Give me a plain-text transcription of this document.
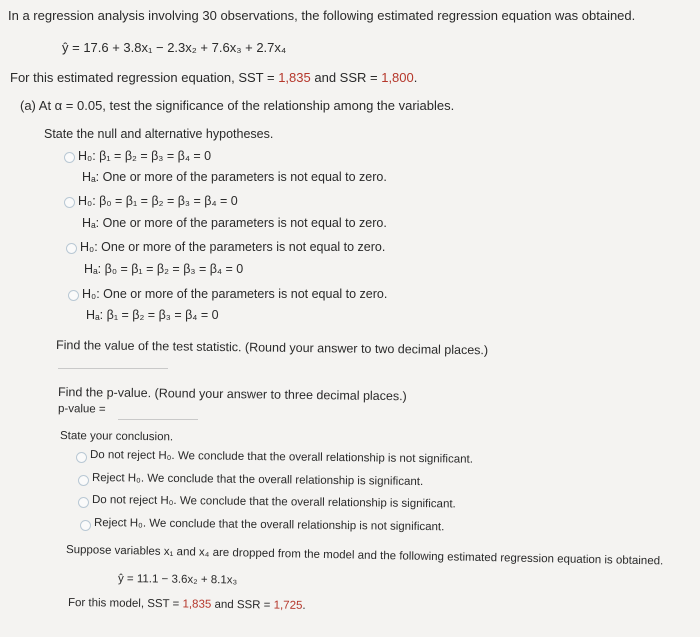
In a regression analysis involving 30 observations, the following estimated regression equation was obtained.
ŷ = 17.6 + 3.8x₁ − 2.3x₂ + 7.6x₃ + 2.7x₄
For this estimated regression equation, SST = 1,835 and SSR = 1,800.
(a) At α = 0.05, test the significance of the relationship among the variables.
State the null and alternative hypotheses.
H₀: β₁ = β₂ = β₃ = β₄ = 0
Hₐ: One or more of the parameters is not equal to zero.
H₀: β₀ = β₁ = β₂ = β₃ = β₄ = 0
Hₐ: One or more of the parameters is not equal to zero.
H₀: One or more of the parameters is not equal to zero.
Hₐ: β₀ = β₁ = β₂ = β₃ = β₄ = 0
H₀: One or more of the parameters is not equal to zero.
Hₐ: β₁ = β₂ = β₃ = β₄ = 0
Find the value of the test statistic. (Round your answer to two decimal places.)
Find the p-value. (Round your answer to three decimal places.)
p-value =
State your conclusion.
Do not reject H₀. We conclude that the overall relationship is not significant.
Reject H₀. We conclude that the overall relationship is significant.
Do not reject H₀. We conclude that the overall relationship is significant.
Reject H₀. We conclude that the overall relationship is not significant.
Suppose variables x₁ and x₄ are dropped from the model and the following estimated regression equation is obtained.
ŷ = 11.1 − 3.6x₂ + 8.1x₃
For this model, SST = 1,835 and SSR = 1,725.
